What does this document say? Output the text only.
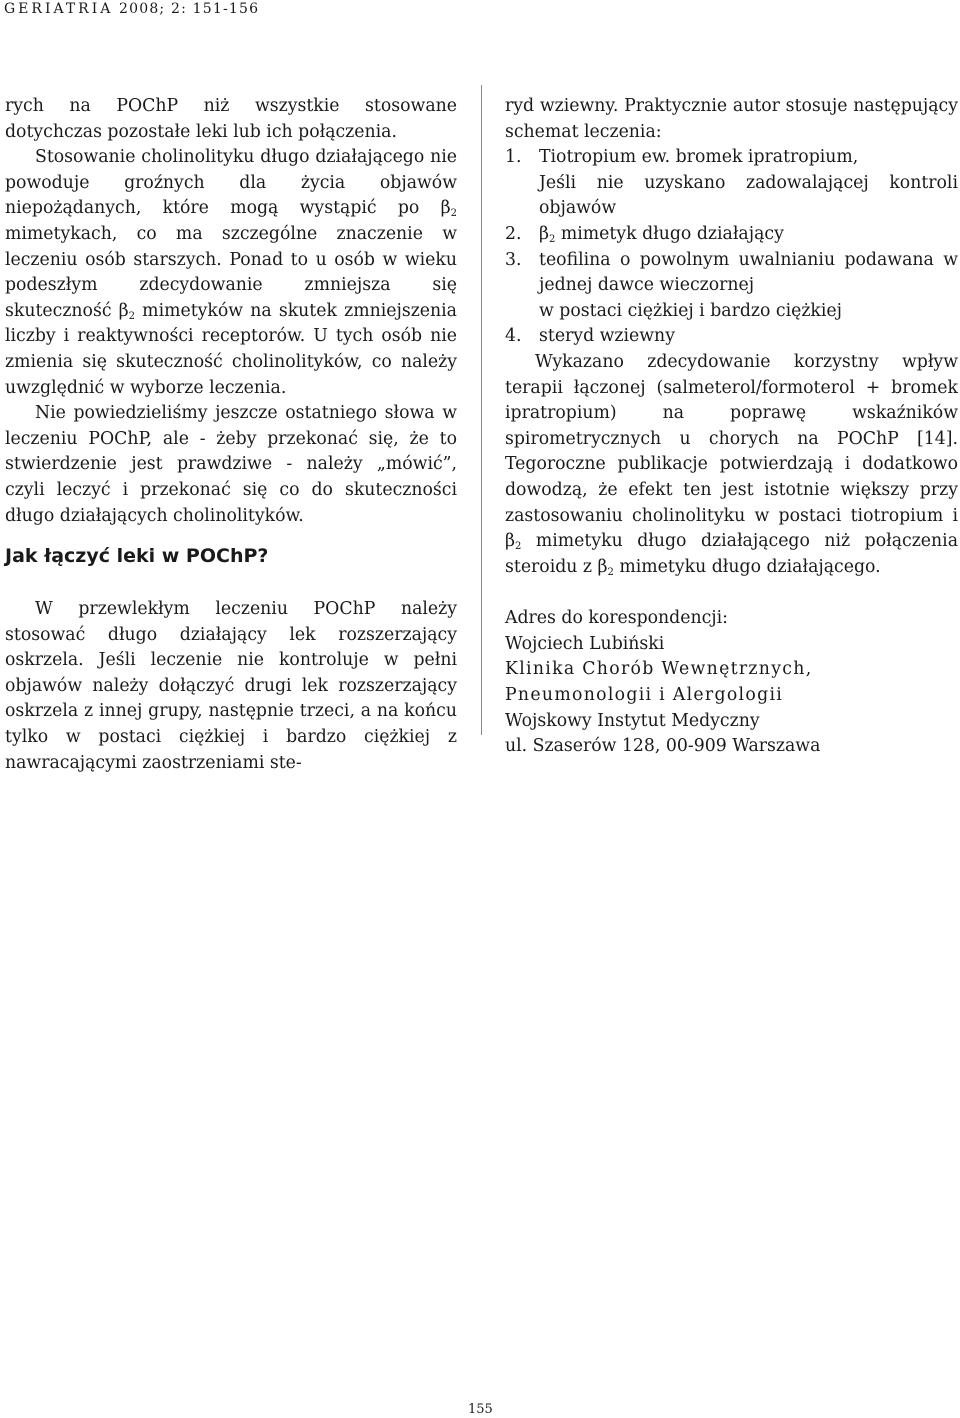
GERIATRIA 2008; 2: 151-156

rych na POChP niż wszystkie stosowane dotychczas pozostałe leki lub ich połączenia.

Stosowanie cholinolityku długo działającego nie powoduje groźnych dla życia objawów niepożądanych, które mogą wystąpić po $\beta_2$ mimetykach, co ma szczególne znaczenie w leczeniu osób starszych. Ponad to u osób w wieku podeszłym zdecydowanie zmniejsza się skuteczność $\beta_2$ mimetyków na skutek zmniejszenia liczby i reaktywności receptorów. U tych osób nie zmienia się skuteczność cholinolityków, co należy uwzględnić w wyborze leczenia.

Nie powiedzieliśmy jeszcze ostatniego słowa w leczeniu POChP, ale - żeby przekonać się, że to stwierdzenie jest prawdziwe - należy „mówić”, czyli leczyć i przekonać się co do skuteczności długo działających cholinolityków.

Jak łączyć leki w POChP?

W przewlekłym leczeniu POChP należy stosować długo działający lek rozszerzający oskrzela. Jeśli leczenie nie kontroluje w pełni objawów należy dołączyć drugi lek rozszerzający oskrzela z innej grupy, następnie trzeci, a na końcu tylko w postaci ciężkiej i bardzo ciężkiej z nawracającymi zaostrzeniami ste-

ryd wziewny. Praktycznie autor stosuje następujący schemat leczenia:

1. Tiotropium ew. bromek ipratropium,
Jeśli nie uzyskano zadowalającej kontroli objawów
2. $\beta_2$ mimetyk długo działający
3. teofilina o powolnym uwalnianiu podawana w jednej dawce wieczornej
w postaci ciężkiej i bardzo ciężkiej
4. steryd wziewny

Wykazano zdecydowanie korzystny wpływ terapii łączonej (salmeterol/formoterol + bromek ipratropium) na poprawę wskaźników spirometrycznych u chorych na POChP [14]. Tegoroczne publikacje potwierdzają i dodatkowo dowodzą, że efekt ten jest istotnie większy przy zastosowaniu cholinolityku w postaci tiotropium i $\beta_2$ mimetyku długo działającego niż połączenia steroidu z $\beta_2$ mimetyku długo działającego.

Adres do korespondencji:

Wojciech Lubiński

Klinika Chorób Wewnętrznych, Pneumonologii i Alergologii

Wojskowy Instytut Medyczny

ul. Szaserów 128, 00-909 Warszawa

155
